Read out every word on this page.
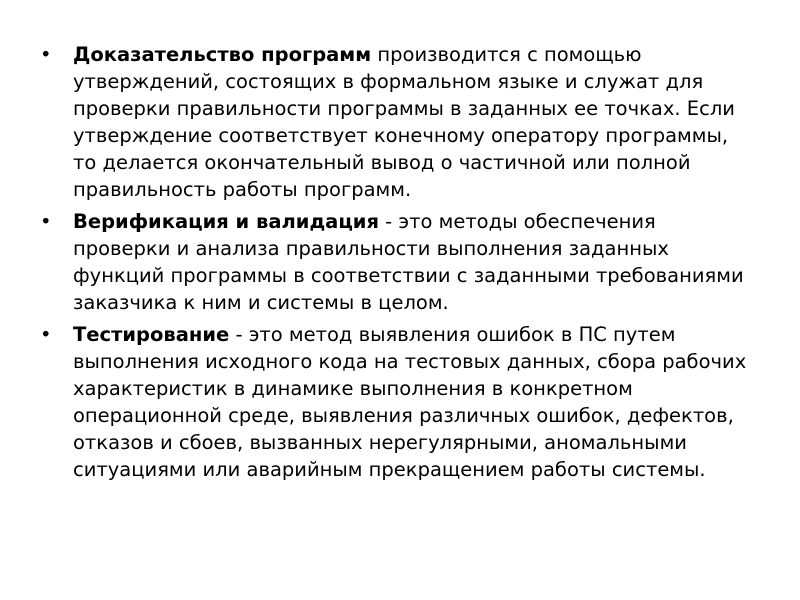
•	Доказательство программ производится с помощью утверждений, состоящих в формальном языке и служат для проверки правильности программы в заданных ее точках. Если утверждение соответствует конечному оператору программы, то делается окончательный вывод о частичной или полной правильность работы программ.
•	Верификация и валидация - это методы обеспечения проверки и анализа правильности выполнения заданных функций программы в соответствии с заданными требованиями заказчика к ним и системы в целом.
•	Тестирование - это метод выявления ошибок в ПС путем выполнения исходного кода на тестовых данных, сбора рабочих характеристик в динамике выполнения в конкретном операционной среде, выявления различных ошибок, дефектов, отказов и сбоев, вызванных нерегулярными, аномальными ситуациями или аварийным прекращением работы системы.
